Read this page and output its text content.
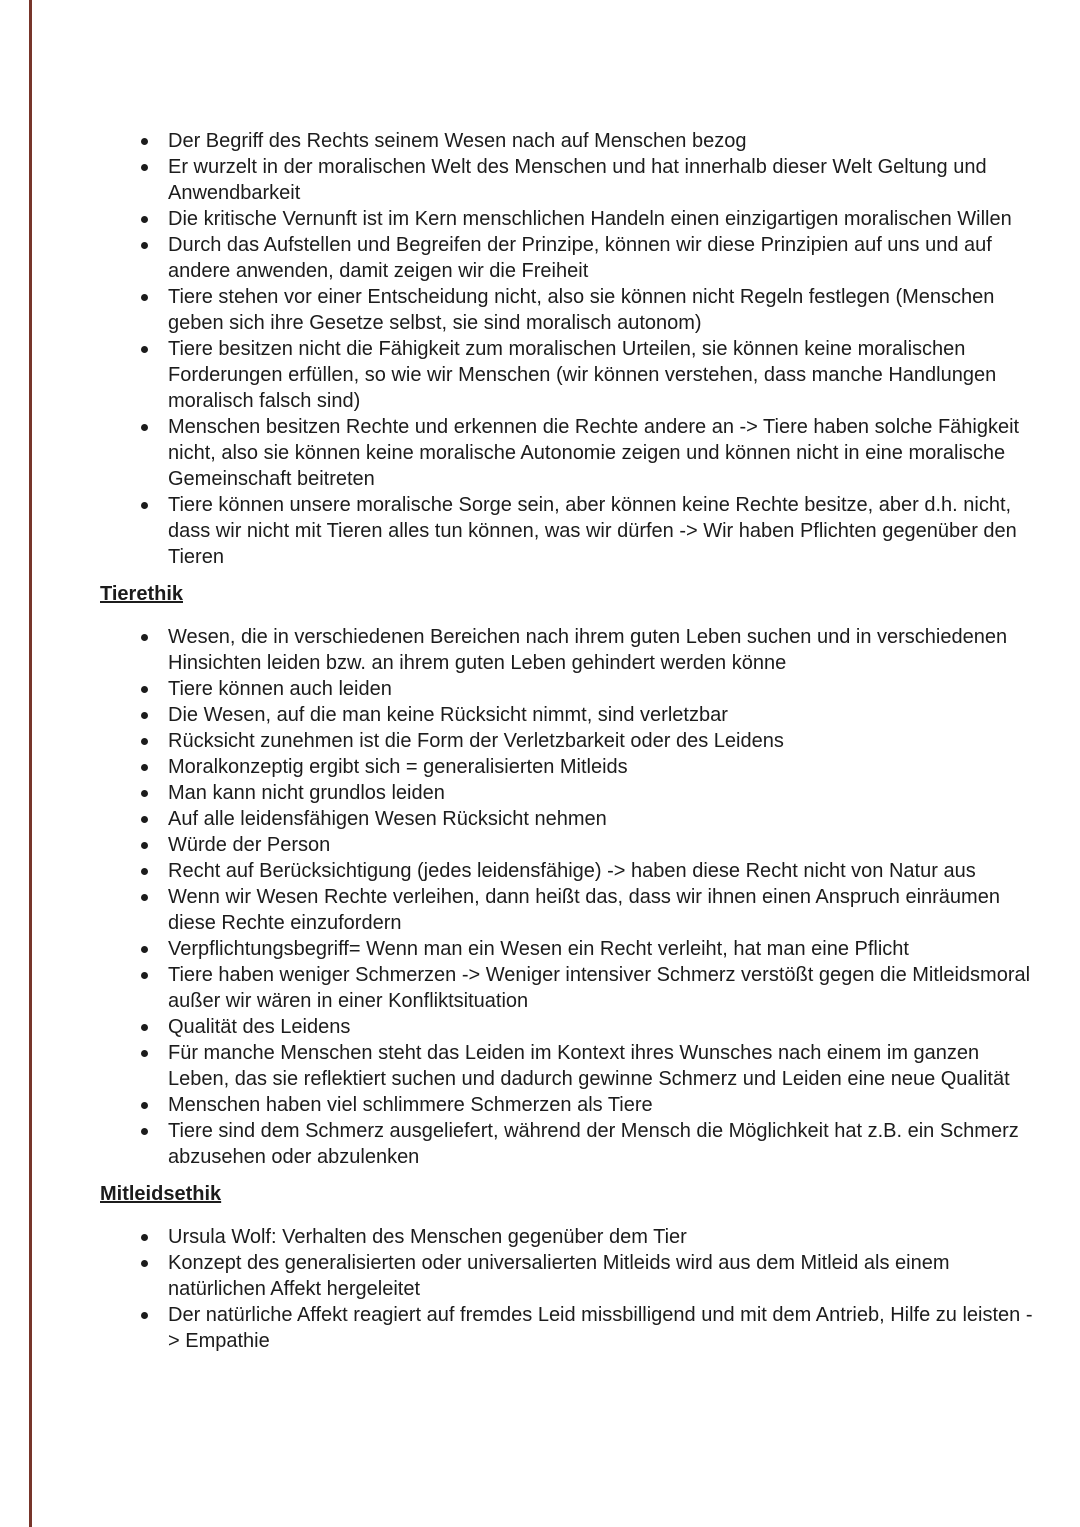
Der Begriff des Rechts seinem Wesen nach auf Menschen bezog
Er wurzelt in der moralischen Welt des Menschen und hat innerhalb dieser Welt Geltung und Anwendbarkeit
Die kritische Vernunft ist im Kern menschlichen Handeln einen einzigartigen moralischen Willen
Durch das Aufstellen und Begreifen der Prinzipe, können wir diese Prinzipien auf uns und auf andere anwenden, damit zeigen wir die Freiheit
Tiere stehen vor einer Entscheidung nicht, also sie können nicht Regeln festlegen (Menschen geben sich ihre Gesetze selbst, sie sind moralisch autonom)
Tiere besitzen nicht die Fähigkeit zum moralischen Urteilen, sie können keine moralischen Forderungen erfüllen, so wie wir Menschen (wir können verstehen, dass manche Handlungen moralisch falsch sind)
Menschen besitzen Rechte und erkennen die Rechte andere an -> Tiere haben solche Fähigkeit nicht, also sie können keine moralische Autonomie zeigen und können nicht in eine moralische Gemeinschaft beitreten
Tiere können unsere moralische Sorge sein, aber können keine Rechte besitze, aber d.h. nicht, dass wir nicht mit Tieren alles tun können, was wir dürfen -> Wir haben Pflichten gegenüber den Tieren
Tierethik
Wesen, die in verschiedenen Bereichen nach ihrem guten Leben suchen und in verschiedenen Hinsichten leiden bzw. an ihrem guten Leben gehindert werden könne
Tiere können auch leiden
Die Wesen, auf die man keine Rücksicht nimmt, sind verletzbar
Rücksicht zunehmen ist die Form der Verletzbarkeit oder des Leidens
Moralkonzeptig ergibt sich = generalisierten Mitleids
Man kann nicht grundlos leiden
Auf alle leidensfähigen Wesen Rücksicht nehmen
Würde der Person
Recht auf Berücksichtigung (jedes leidensfähige) -> haben diese Recht nicht von Natur aus
Wenn wir Wesen Rechte verleihen, dann heißt das, dass wir ihnen einen Anspruch einräumen diese Rechte einzufordern
Verpflichtungsbegriff= Wenn man ein Wesen ein Recht verleiht, hat man eine Pflicht
Tiere haben weniger Schmerzen -> Weniger intensiver Schmerz verstößt gegen die Mitleidsmoral außer wir wären in einer Konfliktsituation
Qualität des Leidens
Für manche Menschen steht das Leiden im Kontext ihres Wunsches nach einem im ganzen Leben, das sie reflektiert suchen und dadurch gewinne Schmerz und Leiden eine neue Qualität
Menschen haben viel schlimmere Schmerzen als Tiere
Tiere sind dem Schmerz ausgeliefert, während der Mensch die Möglichkeit hat z.B. ein Schmerz abzusehen oder abzulenken
Mitleidsethik
Ursula Wolf: Verhalten des Menschen gegenüber dem Tier
Konzept des generalisierten oder universalierten Mitleids wird aus dem Mitleid als einem natürlichen Affekt hergeleitet
Der natürliche Affekt reagiert auf fremdes Leid missbilligend und mit dem Antrieb, Hilfe zu leisten -> Empathie
